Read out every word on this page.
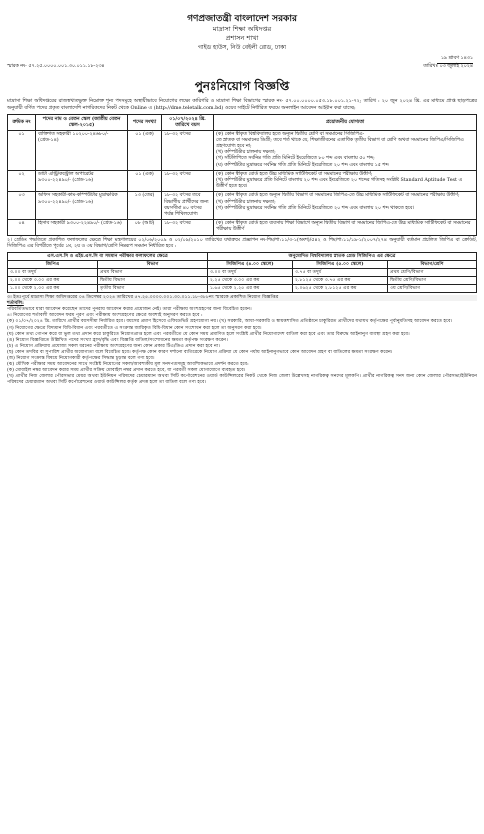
গণপ্রজাতন্ত্রী বাংলাদেশ সরকার
মাদ্রাসা শিক্ষা অধিদপ্তর
প্রশাসন শাখা
গাইড হাউস, নিউ বেইলী রোড, ঢাকা
স্মারক নং- ৫৭.২৫.০০০০.০০১.৩০.০১১.১৮-২৩৪
১৯ শ্রাবণ ১৪৩১
তারিখঃ ০৩ জুলাই ২০২৪
পুনঃনিয়োগ বিজ্ঞপ্তি
মাদ্রাসা শিক্ষা অধিদপ্তরের রাজস্বখাতভুক্ত নিম্নোক্ত শূন্য পদসমূহে অস্থায়ীভাবে নিয়োগের লক্ষ্যে কারিগরি ও মাদ্রাসা শিক্ষা বিভাগের স্মারক নং- ৫৭.০০.০০০০.০৫৩.১৮.০০১.২১-৭২; তারিখ : ২০ জুন ২০২৪ খ্রি. এর মাধ্যমে প্রাপ্ত ছাড়পত্রের অনুযায়ী বর্ণিত পদের প্রকৃত বাংলাদেশি নাগরিকদের নিকট থেকে Online এ (http://dme.teletalk.com.bd) ওয়েব সাইটে নির্ধারিত ফরমে অনলাইন আবেদন আহ্বান করা যাচ্ছে:
ক্রমিক নং	পদের নাম ও বেতন স্কেল (জাতীয় বেতন স্কেল-২০১৫)	পদের সংখ্যা	০১/০৭/২০২৪ খ্রি. তারিখে বয়স	প্রয়োজনীয় যোগ্যতা
০১	ব্যক্তিগত সহকারী ১০২০০-২৪৬৮০/- (গ্রেড-১৪)	০১ (এক)	১৮-৩২ বৎসর	(ক) কোন স্বীকৃত বিশ্ববিদ্যালয় হতে অন্যূন দ্বিতীয় শ্রেণি বা সমমানের সিজিপিএ-
তে স্নাতক বা সমমানের ডিগ্রী; তবে শর্ত থাকে যে, শিক্ষাজীবনের এতাধিক তৃতীয় বিভাগ বা শ্রেণি অথবা সমমানের জিপিএ/সিজিপিএ গ্রহণযোগ্য হবে না;
(খ) কম্পিউটার চালনায় দক্ষতা;
(গ) সাঁটলিপিতে সর্বনিম্ন গতি প্রতি মিনিটে ইংরেজিতে ৮০ শব্দ এবং বাংলায় ৫০ শব্দ;
(ঘ) কম্পিউটার মুদ্রাক্ষরে সর্বনিম্ন গতি প্রতি মিনিটে ইংরেজিতে ২০ শব্দ এবং বাংলায় ১৫ শব্দ

০২	ডাটা এন্ট্রি/কন্ট্রোল অপারেটর ৯৩০০-২২৪৯০/- (গ্রেড-১৬)	০১ (এক)	১৮-৩২ বৎসর	(ক) কোন স্বীকৃত বোর্ড হতে উচ্চ মাধ্যমিক সার্টিফিকেট বা সমমানের পরীক্ষায় উত্তীর্ণ;
(খ) কম্পিউটার মুদ্রাক্ষরে প্রতি মিনিটে বাংলায় ২০ শব্দ এবং ইংরেজিতে ২০ শব্দের গতিসহ সংশ্লিষ্ট Standard Aptitude Test এ উত্তীর্ণ হতে হবে।

০৩	অফিস সহকারী-কাম-কম্পিউটার মুদ্রাক্ষরিক ৯৩০০-২২৪৯০/- (গ্রেড-১৬)	১৩ (তের)	১৮-৩২ বৎসর তবে বিভাগীয় প্রার্থীদের জন্য বয়সসীমা ৪০ বৎসর পর্যন্ত শিথিলযোগ্য	(ক) কোন স্বীকৃত বোর্ড হতে অন্যূন দ্বিতীয় বিভাগ বা সমমানের জিপিএ-তে উচ্চ মাধ্যমিক সার্টিফিকেট বা সমমানের পরীক্ষায় উত্তীর্ণ;
(খ) কম্পিউটার চালনায় দক্ষতা;
(গ) কম্পিউটার মুদ্রাক্ষরে সর্বনিম্ন গতি প্রতি মিনিটে ইংরেজিতে ২০ শব্দ এবং বাংলায় ২০ শব্দ থাকতে হবে।

০৪	হিসাব সহকারী ৯৩০০-২২৪৯০/- (গ্রেড-১৬)	০৮ (আট)	১৮-৩২ বৎসর	(ক) কোন স্বীকৃত বোর্ড হতে ব্যবসায় শিক্ষা বিভাগে অন্যূন দ্বিতীয় বিভাগ বা সমমানের জিপিএ-তে উচ্চ মাধ্যমিক সার্টিফিকেট বা সমমানের পরীক্ষায় উত্তীর্ণ
২। গ্রেডিং পদ্ধতিতে প্রকাশিত ফলাফলের ক্ষেত্রে শিক্ষা মন্ত্রণালয়ের ০২/০৬/২০০৯ ও ০২/০৯/২০১০ তারিখের যথাক্রমে প্রজ্ঞাপন নং-শিম/শা:১১/৩-১(অংশ)/৫৪২ ও শিম/শা:১১/১৯-১/২০০৭/২৭৪ অনুযায়ী বর্তমান প্রচলিত জিপিএ বা ক্রেডিট, সিজিপিএ এর বিপরীতে পূর্বের ১ম, ২য় ও ৩য় বিভাগ/শ্রেণি নিম্নরূপ সমমান নির্ধারিত হবে :
এস.এস.সি ও এইচ.এস.সি বা সমমান পরীক্ষার ফলাফলের ক্ষেত্রে		অনুমোদিত বিশ্ববিদ্যালয় স্নাতক গ্রেড সিজিপিএ এর ক্ষেত্রে		
জিপিএ	বিভাগ	সিজিপিএ (৪.০০ স্কেলে)	সিজিপিএ (৫.০০ স্কেলে)	বিভাগ/শ্রেণি
৩.০০ বা তদুর্ধ	প্রথম বিভাগ	৩.০০ বা তদুর্ধ	৩.৭৫ বা তদুর্ধ	প্রথম শ্রেণি/বিভাগ
২.০০ থেকে ৩.০০ এর কম	দ্বিতীয় বিভাগ	২.২৫ থেকে ৩.০০ এর কম	২.৮১২৫ থেকে ৩.৭৫ এর কম	দ্বিতীয় শ্রেণি/বিভাগ
১.০০ থেকে ২.০০ এর কম	তৃতীয় বিভাগ	১.৬৫ থেকে ২.২৫ এর কম	২.০৬২৫ থেকে ২.৮১২৫ এর কম	৩য় শ্রেণি/বিভাগ

৩। ইতঃপূর্বে মাদ্রাসা শিক্ষা অধিদপ্তরের ০৪ ডিসেম্বর ২০২৪ তারিখের ৫৭.২৫.০০০০.০০১.৩০.০১১.১৮-৩৮৮নং স্মারকে প্রকাশিত নিয়োগ বিজ্ঞপ্তির

শর্তাবলি:

পরিবর্তিতভাবে যারা আবেদন করেছেন তাদের পুনরায় আবেদন করার প্রয়োজন নেই। তারা পরীক্ষায় অংশগ্রহণের জন্য বিবেচিত হবেন।

৪। নিয়োগের শর্তাবলী আবেদন ফরম পূরণ এবং পরীক্ষায় অংশগ্রহণের ক্ষেত্রে অবশ্যই অনুসরণ করতে হবে :

(ক) ০১/০৭/২০২৪ খ্রি. তারিখে প্রার্থীর বয়সসীমা নির্ধারিত হবে। বয়সের প্রমাণ হিসেবে এফিডেভিট গ্রহণযোগ্য নয়। (খ) সরকারি, আধা-সরকারি ও স্বায়ত্তশাসিত প্রতিষ্ঠানে চাকুরিরত প্রার্থীদের যথাযথ কর্তৃপক্ষের পূর্বানুমতিসহ আবেদন করতে হবে।

(গ) নিয়োগের ক্ষেত্রে বিদ্যমান বিধি-বিধান এবং পরবর্তীতে এ সংক্রান্ত জারিকৃত বিধি-বিধান কোন সংশোধন করা হলে তা অনুসরণ করা হবে।

(ঘ) কোন তথ্য গোপন করে বা ভুল তথ্য প্রদান করে চাকুরিতে নিয়োগপ্রাপ্ত হলে এবং পরবর্তীতে যে কোন সময় প্রমাণিত হলে সংশ্লিষ্ট প্রার্থীর নিয়োগাদেশ বাতিল করা হবে এবং তার বিরুদ্ধে আইনানুগ ব্যবস্থা গ্রহণ করা হবে।

(ঙ) নিয়োগ বিজ্ঞপ্তিতে উল্লিখিত পদের সংখ্যা হ্রাস/বৃদ্ধি এবং বিজ্ঞপ্তি বাতিল/সংশোধনের ক্ষমতা কর্তৃপক্ষ সংরক্ষণ করেন।

(চ) এ নিয়োগ প্রক্রিয়ায় প্রযোজ্য সকল ধরনের পরীক্ষায় অংশগ্রহণের জন্য কোন প্রকার টিএ/ডিএ প্রদান করা হবে না।

(ছ) কোন তদবির বা সুপারিশ প্রার্থীর অযোগ্যতা বলে বিবেচিত হবে। কর্তৃপক্ষ কোন কারণ দর্শানো ব্যতিরেকে নিয়োগ প্রক্রিয়া যে কোন পর্যায় আইনানুগভাবে কোন আবেদন গ্রহণ বা বাতিলের ক্ষমতা সংরক্ষণ করেন।

(জ) নিয়োগ সংক্রান্ত বিষয়ে নিয়োগকারী কর্তৃপক্ষের সিদ্ধান্ত চূড়ান্ত বলে গণ্য হবে।

(ঝ) মৌখিক পরীক্ষার সময় আবেদনের সাথে সংশ্লিষ্ট নিয়োগের সকল/আবশ্যকীয় মূল সনদপত্রসমূহ আবশ্যিকভাবে প্রদর্শন করতে হবে:

(ক) মোবাইল নম্বর আবেদন করার সময় প্রার্থীর সক্রিয় মোবাইল নম্বর প্রদান করতে হবে, যা পরবর্তী সকল যোগাযোগে ব্যবহৃত হবে।

(খ) প্রার্থীর নিজ জেলার পৌরসভার মেয়র অথবা ইউনিয়ন পরিষদের চেয়ারম্যান অথবা সিটি কর্পোরেশনের ওয়ার্ড কাউন্সিলরের নিকট থেকে নিজ জেলা উল্লেখসহ নাগরিকত্ব সনদের মূলকপি। প্রার্থীর নাগরিকত্ব সনদ জন্য কোন জেলার পৌরসভা/ইউনিয়ন পরিষদের চেয়ারম্যান অথবা সিটি কর্পোরেশনের ওয়ার্ড কাউন্সিলর কর্তৃক প্রদত্ত হলে তা বাতিল বলে গণ্য হবে।
